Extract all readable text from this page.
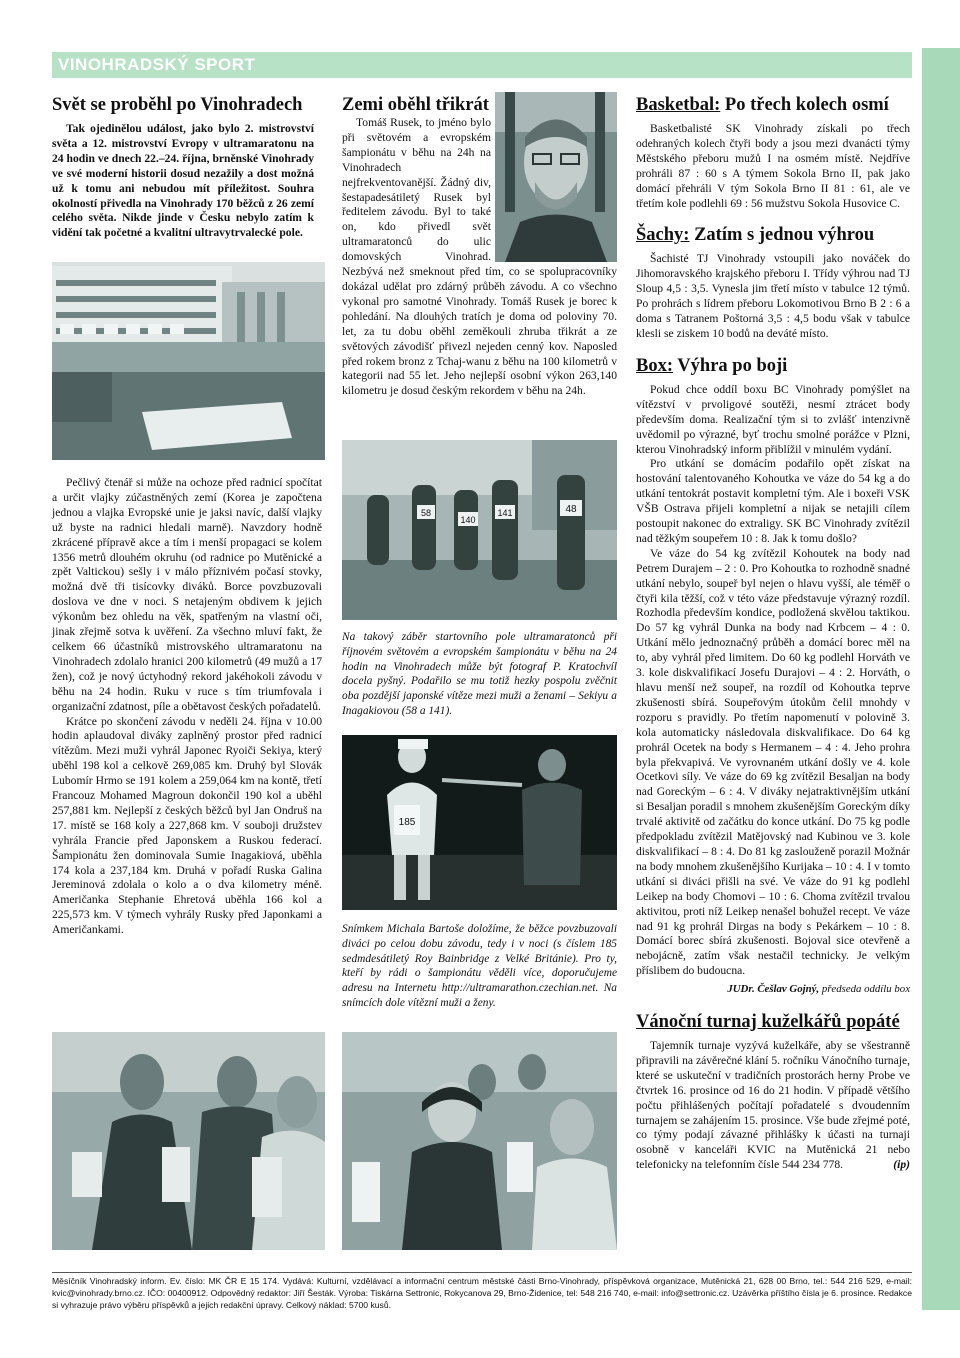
VINOHRADSKÝ SPORT
Svět se proběhl po Vinohradech

Tak ojedinělou událost, jako bylo 2. mistrovství světa a 12. mistrovství Evropy v ultramaratonu na 24 hodin ve dnech 22.–24. října, brněnské Vinohrady ve své moderní historii dosud nezažily a dost možná už k tomu ani nebudou mít příležitost. Souhra okolností přivedla na Vinohrady 170 běžců z 26 zemí celého světa. Nikde jinde v Česku nebylo zatím k vidění tak početné a kvalitní ultravytrvalecké pole.

Pečlivý čtenář si může na ochoze před radnicí spočítat a určit vlajky zúčastněných zemí (Korea je započtena jednou a vlajka Evropské unie je jaksi navíc, další vlajky už byste na radnici hledali marně). Navzdory hodně zkrácené přípravě akce a tím i menší propagaci se kolem 1356 metrů dlouhém okruhu (od radnice po Mutěnické a zpět Valtickou) sešly i v málo příznivém počasí stovky, možná dvě tři tisícovky diváků. Borce povzbuzovali doslova ve dne v noci. S netajeným obdivem k jejich výkonům bez ohledu na věk, spatřeným na vlastní oči, jinak zřejmě sotva k uvěření. Za všechno mluví fakt, že celkem 66 účastníků mistrovského ultramaratonu na Vinohradech zdolalo hranici 200 kilometrů (49 mužů a 17 žen), což je nový úctyhodný rekord jakéhokoli závodu v běhu na 24 hodin. Ruku v ruce s tím triumfovala i organizační zdatnost, píle a obětavost českých pořadatelů.

Krátce po skončení závodu v neděli 24. října v 10.00 hodin aplaudoval diváky zaplněný prostor před radnicí vítězům. Mezi muži vyhrál Japonec Ryoiči Sekiya, který uběhl 198 kol a celkově 269,085 km. Druhý byl Slovák Lubomír Hrmo se 191 kolem a 259,064 km na kontě, třetí Francouz Mohamed Magroun dokončil 190 kol a uběhl 257,881 km. Nejlepší z českých běžců byl Jan Ondruš na 17. místě se 168 koly a 227,868 km. V souboji družstev vyhrála Francie před Japonskem a Ruskou federací. Šampionátu žen dominovala Sumie Inagakiová, uběhla 174 kola a 237,184 km. Druhá v pořadí Ruska Galina Jereminová zdolala o kolo a o dva kilometry méně. Američanka Stephanie Ehretová uběhla 166 kol a 225,573 km. V týmech vyhrály Rusky před Japonkami a Američankami.

Zemi oběhl třikrát

Tomáš Rusek, to jméno bylo při světovém a evropském šampionátu v běhu na 24h na Vinohradech nejfrekventovanější. Žádný div, šestapadesátiletý Rusek byl ředitelem závodu. Byl to také on, kdo přivedl svět ultramaratonců do ulic domovských Vinohrad. Nezbývá než smeknout před tím, co se spolupracovníky dokázal udělat pro zdárný průběh závodu. A co všechno vykonal pro samotné Vinohrady. Tomáš Rusek je borec k pohledání. Na dlouhých tratích je doma od poloviny 70. let, za tu dobu oběhl zeměkouli zhruba třikrát a ze světových závodišť přivezl nejeden cenný kov. Naposled před rokem bronz z Tchaj-wanu z běhu na 100 kilometrů v kategorii nad 55 let. Jeho nejlepší osobní výkon 263,140 kilometru je dosud českým rekordem v běhu na 24h.

58
140
141	48
Na takový záběr startovního pole ultramaratonců při říjnovém světovém a evropském šampionátu v běhu na 24 hodin na Vinohradech může být fotograf P. Kratochvíl docela pyšný. Podařilo se mu totiž hezky pospolu zvěčnit oba pozdější japonské vítěze mezi muži a ženami – Sekiyu a Inagakiovou (58 a 141).
185
Snímkem Michala Bartoše doložíme, že běžce povzbuzovali diváci po celou dobu závodu, tedy i v noci (s číslem 185 sedmdesátiletý Roy Bainbridge z Velké Británie). Pro ty, kteří by rádi o šampionátu věděli více, doporučujeme adresu na Internetu http://ultramarathon.czechian.net. Na snímcích dole vítězní muži a ženy.
Basketbal: Po třech kolech osmí

Basketbalisté SK Vinohrady získali po třech odehraných kolech čtyři body a jsou mezi dvanácti týmy Městského přeboru mužů I na osmém místě. Nejdříve prohráli 87 : 60 s A týmem Sokola Brno II, pak jako domácí přehráli V tým Sokola Brno II 81 : 61, ale ve třetím kole podlehli 69 : 56 mužstvu Sokola Husovice C.

Šachy: Zatím s jednou výhrou

Šachisté TJ Vinohrady vstoupili jako nováček do Jihomoravského krajského přeboru I. Třídy výhrou nad TJ Sloup 4,5 : 3,5. Vynesla jim třetí místo v tabulce 12 týmů. Po prohrách s lídrem přeboru Lokomotivou Brno B 2 : 6 a doma s Tatranem Poštorná 3,5 : 4,5 bodu však v tabulce klesli se ziskem 10 bodů na deváté místo.

Box: Výhra po boji

Pokud chce oddíl boxu BC Vinohrady pomýšlet na vítězství v prvoligové soutěži, nesmí ztrácet body především doma. Realizační tým si to zvlášť intenzivně uvědomil po výrazné, byť trochu smolné porážce v Plzni, kterou Vinohradský inform přiblížil v minulém vydání.

Pro utkání se domácím podařilo opět získat na hostování talentovaného Kohoutka ve váze do 54 kg a do utkání tentokrát postavit kompletní tým. Ale i boxeři VSK VŠB Ostrava přijeli kompletní a nijak se netajili cílem postoupit nakonec do extraligy. SK BC Vinohrady zvítězil nad těžkým soupeřem 10 : 8. Jak k tomu došlo?

Ve váze do 54 kg zvítězil Kohoutek na body nad Petrem Durajem – 2 : 0. Pro Kohoutka to rozhodně snadné utkání nebylo, soupeř byl nejen o hlavu vyšší, ale téměř o čtyři kila těžší, což v této váze představuje výrazný rozdíl. Rozhodla především kondice, podložená skvělou taktikou. Do 57 kg vyhrál Dunka na body nad Krbcem – 4 : 0. Utkání mělo jednoznačný průběh a domácí borec měl na to, aby vyhrál před limitem. Do 60 kg podlehl Horváth ve 3. kole diskvalifikací Josefu Durajovi – 4 : 2. Horváth, o hlavu menší než soupeř, na rozdíl od Kohoutka teprve zkušenosti sbírá. Soupeřovým útokům čelil mnohdy v rozporu s pravidly. Po třetím napomenutí v polovině 3. kola automaticky následovala diskvalifikace. Do 64 kg prohrál Ocetek na body s Hermanem – 4 : 4. Jeho prohra byla překvapivá. Ve vyrovnaném utkání došly ve 4. kole Ocetkovi síly. Ve váze do 69 kg zvítězil Besaljan na body nad Goreckým – 6 : 4. V diváky nejatraktivnějším utkání si Besaljan poradil s mnohem zkušenějším Goreckým díky trvalé aktivitě od začátku do konce utkání. Do 75 kg podle předpokladu zvítězil Matějovský nad Kubinou ve 3. kole diskvalifikací – 8 : 4. Do 81 kg zaslouženě porazil Možnár na body mnohem zkušenějšího Kurijaka – 10 : 4. I v tomto utkání si diváci přišli na své. Ve váze do 91 kg podlehl Leikep na body Chomovi – 10 : 6. Choma zvítězil trvalou aktivitou, proti níž Leikep nenašel bohužel recept. Ve váze nad 91 kg prohrál Dirgas na body s Pekárkem – 10 : 8. Domácí borec sbírá zkušenosti. Bojoval sice otevřeně a nebojácně, zatím však nestačil technicky. Je velkým příslibem do budoucna.

JUDr. Češlav Gojný, předseda oddílu box
Vánoční turnaj kuželkářů popáté

Tajemník turnaje vyzývá kuželkáře, aby se všestranně připravili na závěrečné klání 5. ročníku Vánočního turnaje, které se uskuteční v tradičních prostorách herny Probe ve čtvrtek 16. prosince od 16 do 21 hodin. V případě většího počtu přihlášených počítají pořadatelé s dvoudenním turnajem se zahájením 15. prosince. Vše bude zřejmé poté, co týmy podají závazné přihlášky k účasti na turnaji osobně v kanceláři KVIC na Mutěnická 21 nebo telefonicky na telefonním čísle 544 234 778.	(ip)

Měsíčník Vinohradský inform. Ev. číslo: MK ČR E 15 174. Vydává: Kulturní, vzdělávací a informační centrum městské části Brno-Vinohrady, příspěvková organizace, Mutěnická 21, 628 00 Brno, tel.: 544 216 529, e-mail: kvic@vinohrady.brno.cz. IČO: 00400912. Odpovědný redaktor: Jiří Šesták. Výroba: Tiskárna Settronic, Rokycanova 29, Brno-Židenice, tel: 548 216 740, e-mail: info@settronic.cz. Uzávěrka příštího čísla je 6. prosince. Redakce si vyhrazuje právo výběru příspěvků a jejich redakční úpravy. Celkový náklad: 5700 kusů.
